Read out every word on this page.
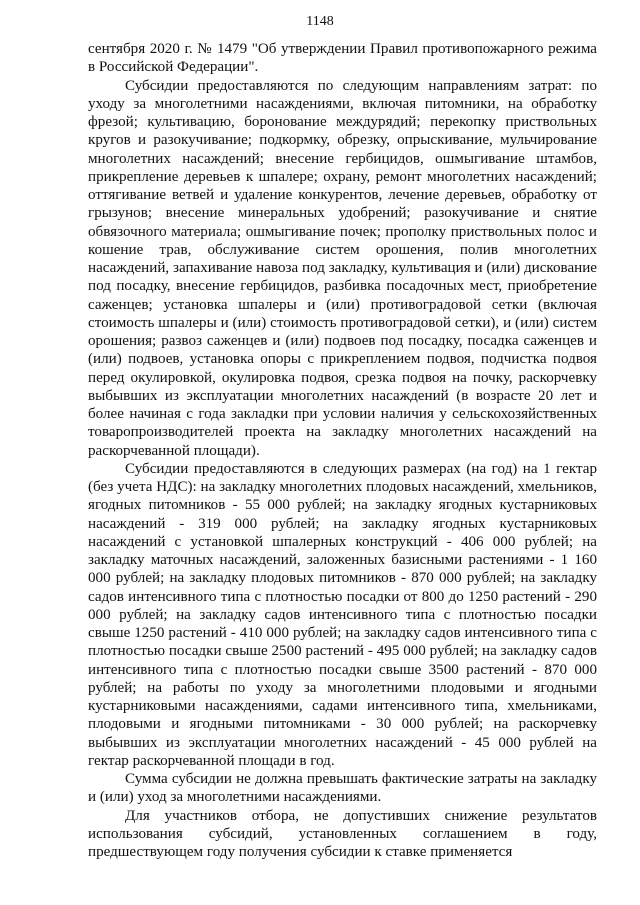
1148

сентября 2020 г. № 1479 "Об утверждении Правил противопожарного режима в Российской Федерации".

Субсидии предоставляются по следующим направлениям затрат: по уходу за многолетними насаждениями, включая питомники, на обработку фрезой; культивацию, боронование междурядий; перекопку приствольных кругов и разокучивание; подкормку, обрезку, опрыскивание, мульчирование многолетних насаждений; внесение гербицидов, ошмыгивание штамбов, прикрепление деревьев к шпалере; охрану, ремонт многолетних насаждений; оттягивание ветвей и удаление конкурентов, лечение деревьев, обработку от грызунов; внесение минеральных удобрений; разокучивание и снятие обвязочного материала; ошмыгивание почек; прополку приствольных полос и кошение трав, обслуживание систем орошения, полив многолетних насаждений, запахивание навоза под закладку, культивация и (или) дискование под посадку, внесение гербицидов, разбивка посадочных мест, приобретение саженцев; установка шпалеры и (или) противоградовой сетки (включая стоимость шпалеры и (или) стоимость противоградовой сетки), и (или) систем орошения; развоз саженцев и (или) подвоев под посадку, посадка саженцев и (или) подвоев, установка опоры с прикреплением подвоя, подчистка подвоя перед окулировкой, окулировка подвоя, срезка подвоя на почку, раскорчевку выбывших из эксплуатации многолетних насаждений (в возрасте 20 лет и более начиная с года закладки при условии наличия у сельскохозяйственных товаропроизводителей проекта на закладку многолетних насаждений на раскорчеванной площади).

Субсидии предоставляются в следующих размерах (на год) на 1 гектар (без учета НДС): на закладку многолетних плодовых насаждений, хмельников, ягодных питомников - 55 000 рублей; на закладку ягодных кустарниковых насаждений - 319 000 рублей; на закладку ягодных кустарниковых насаждений с установкой шпалерных конструкций - 406 000 рублей; на закладку маточных насаждений, заложенных базисными растениями - 1 160 000 рублей; на закладку плодовых питомников - 870 000 рублей; на закладку садов интенсивного типа с плотностью посадки от 800 до 1250 растений - 290 000 рублей; на закладку садов интенсивного типа с плотностью посадки свыше 1250 растений - 410 000 рублей; на закладку садов интенсивного типа с плотностью посадки свыше 2500 растений - 495 000 рублей; на закладку садов интенсивного типа с плотностью посадки свыше 3500 растений - 870 000 рублей; на работы по уходу за многолетними плодовыми и ягодными кустарниковыми насаждениями, садами интенсивного типа, хмельниками, плодовыми и ягодными питомниками - 30 000 рублей; на раскорчевку выбывших из эксплуатации многолетних насаждений - 45 000 рублей на гектар раскорчеванной площади в год.

Сумма субсидии не должна превышать фактические затраты на закладку и (или) уход за многолетними насаждениями.

Для участников отбора, не допустивших снижение результатов использования субсидий, установленных соглашением в году, предшествующем году получения субсидии к ставке применяется
